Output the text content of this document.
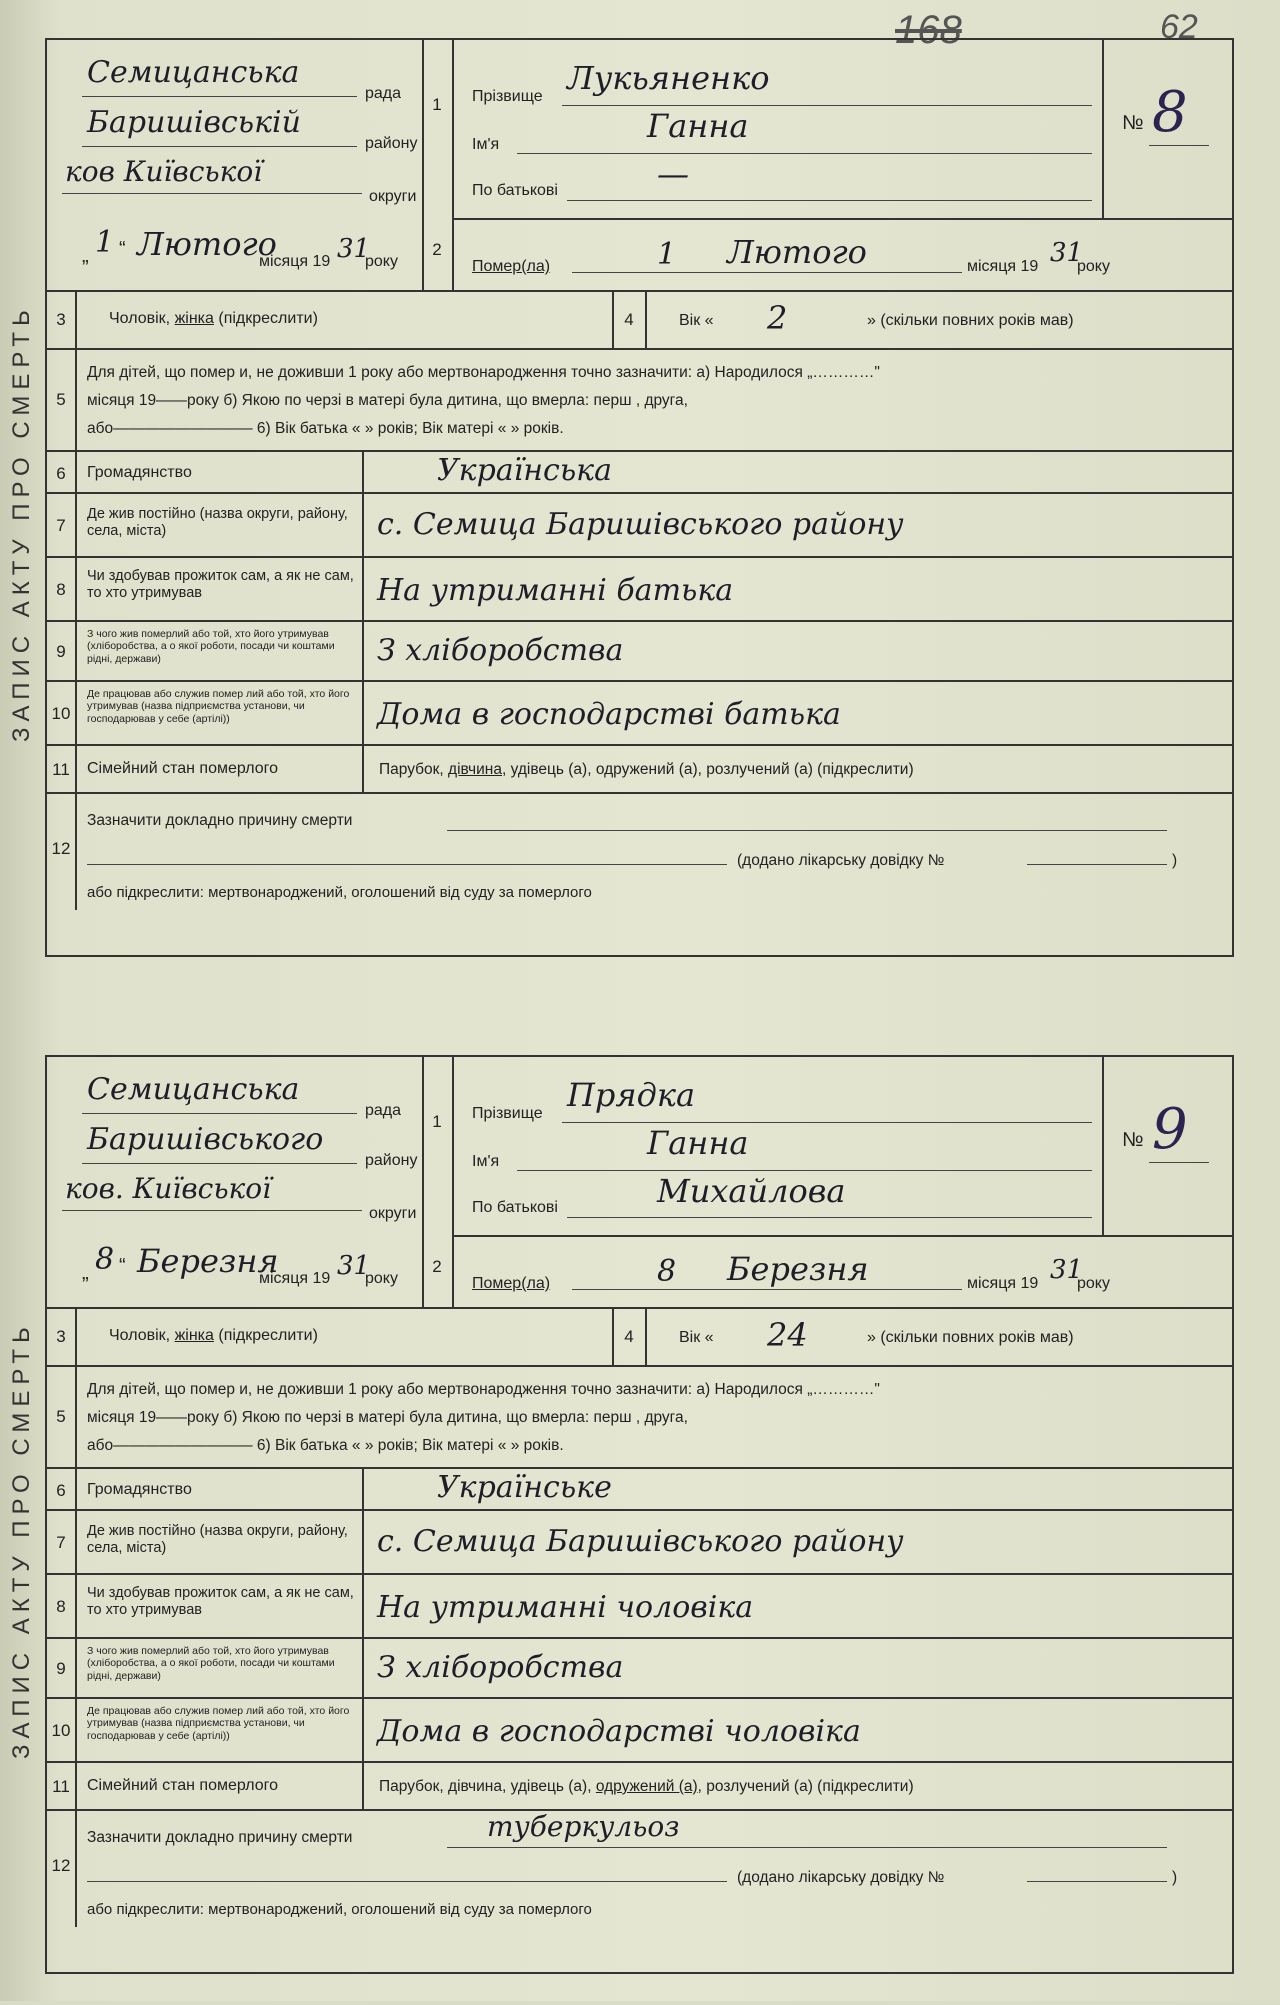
168	62
ЗАПИС АКТУ ПРО СМЕРТЬ
Семицанська
рада
Баришівській
району
ков Київської
округи
„ 1 “ Лютого
місяця 19 31
року
1
2
Прізвище Лукьяненко
Ім'я	Ганна
По батькові	—
№ 8
Помер(ла)	1 Лютого	місяця 19 31
року
3	Чоловік, жінка (підкреслити)	4	Вік « 2	» (скільки повних років мав)
5
Для дітей, що помер и, не доживши 1 року або мертвонародження точно зазначити: а) Народилося „…………"
місяця 19——року б) Якою по черзі в матері була дитина, що вмерла: перш , друга,
або————————— 6) Вік батька « » років; Вік матері « » років.
6	Громадянство	Українська
7
Де жив постійно (назва округи, району, села, міста)	с. Семица Баришівського району
8
Чи здобував прожиток сам, а як не сам, то хто утримував	На утриманні батька
9
З чого жив померлий або той, хто його утримував (хліборобства, а о якої роботи, посади чи коштами рідні, держави)	З хліборобства
10
Де працював або служив помер лий або той, хто його утримував (назва підприємства установи, чи господарював у себе (артілі))	Дома в господарстві батька
11	Сімейний стан померлого	Парубок, дівчина, удівець (а), одружений (а), розлучений (а) (підкреслити)
12
Зазначити докладно причину смерти
(додано лікарську довідку №	)
або підкреслити: мертвонароджений, оголошений від суду за померлого
ЗАПИС АКТУ ПРО СМЕРТЬ
Семицанська
рада
Баришівського
району
ков. Київської
округи
„ 8 “ Березня
місяця 19 31
року
1
2
Прізвище Прядка
Ім'я	Ганна
По батькові	Михайлова
№ 9
Помер(ла)	8 Березня	місяця 19 31
року
3	Чоловік, жінка (підкреслити)	4	Вік « 24	» (скільки повних років мав)
5
Для дітей, що помер и, не доживши 1 року або мертвонародження точно зазначити: а) Народилося „…………"
місяця 19——року б) Якою по черзі в матері була дитина, що вмерла: перш , друга,
або————————— 6) Вік батька « » років; Вік матері « » років.
6	Громадянство	Українське
7
Де жив постійно (назва округи, району, села, міста)	с. Семица Баришівського району
8
Чи здобував прожиток сам, а як не сам, то хто утримував	На утриманні чоловіка
9
З чого жив померлий або той, хто його утримував (хліборобства, а о якої роботи, посади чи коштами рідні, держави)	З хліборобства
10
Де працював або служив помер лий або той, хто його утримував (назва підприємства установи, чи господарював у себе (артілі))	Дома в господарстві чоловіка
11	Сімейний стан померлого	Парубок, дівчина, удівець (а), одружений (а), розлучений (а) (підкреслити)
12
Зазначити докладно причину смерти	туберкульоз
(додано лікарську довідку №	)
або підкреслити: мертвонароджений, оголошений від суду за померлого
